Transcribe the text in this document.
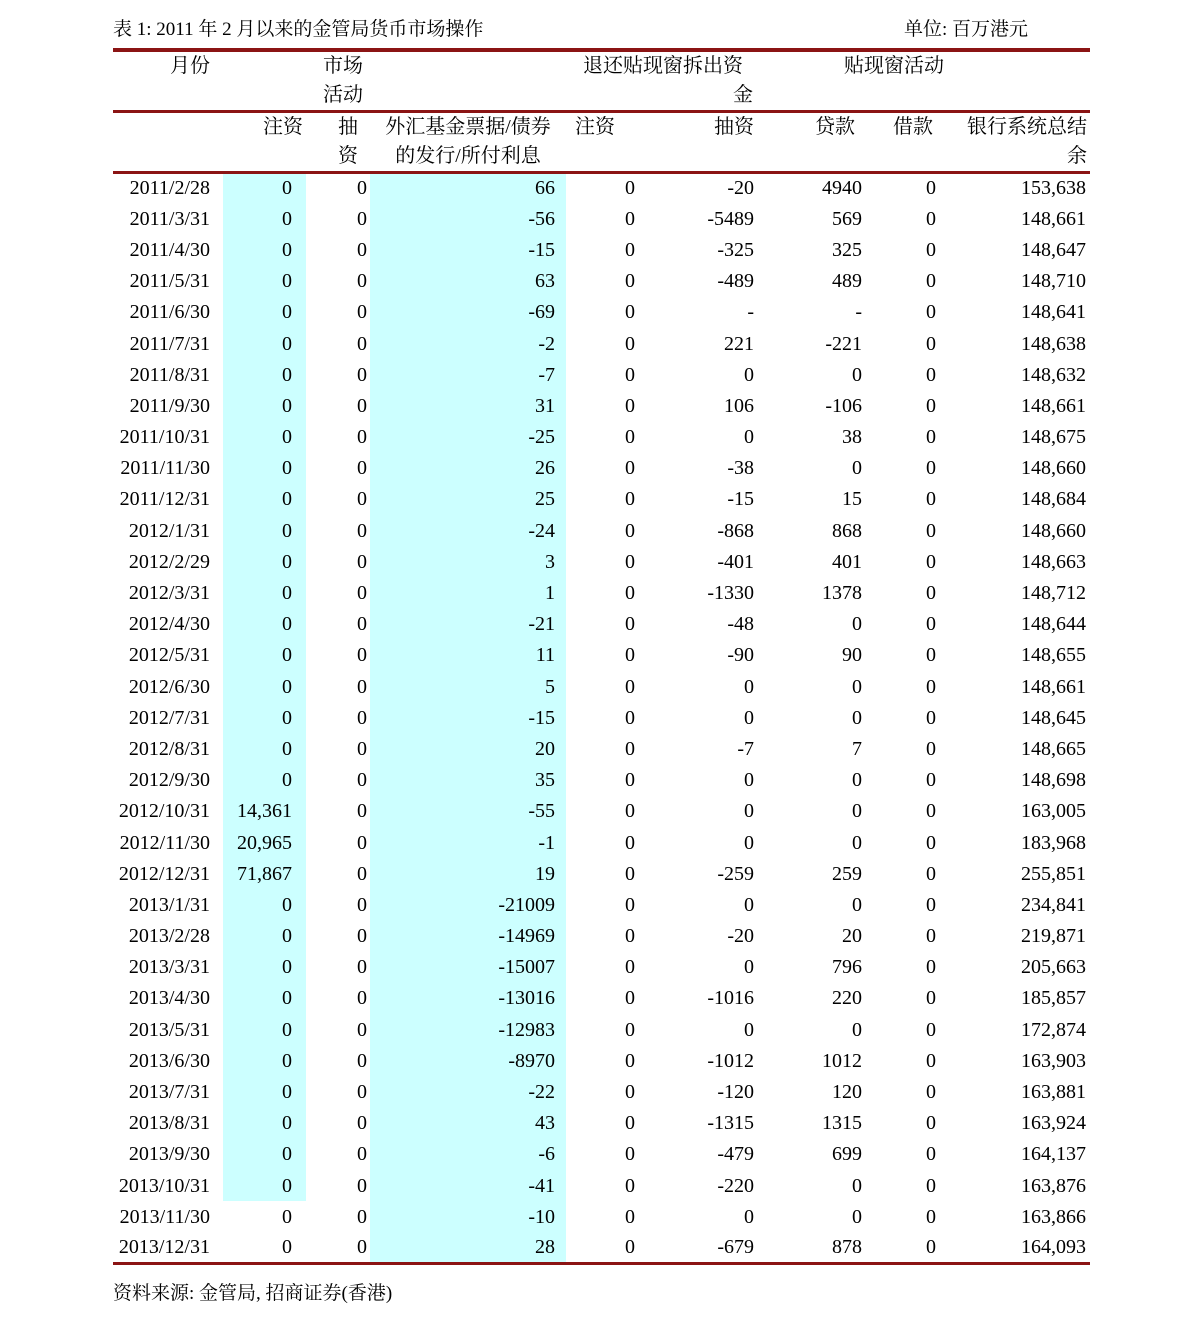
表 1: 2011 年 2 月以来的金管局货币市场操作	单位: 百万港元
月份	市场			退还贴现窗拆出资		贴现窗活动		
	活动			金				
	注资	抽	外汇基金票据/债券	注资	抽资	贷款	借款	银行系统总结
		资	的发行/所付利息					余
2011/2/28	0	0	66	0	-20	4940	0	153,638
2011/3/31	0	0	-56	0	-5489	569	0	148,661
2011/4/30	0	0	-15	0	-325	325	0	148,647
2011/5/31	0	0	63	0	-489	489	0	148,710
2011/6/30	0	0	-69	0	-	-	0	148,641
2011/7/31	0	0	-2	0	221	-221	0	148,638
2011/8/31	0	0	-7	0	0	0	0	148,632
2011/9/30	0	0	31	0	106	-106	0	148,661
2011/10/31	0	0	-25	0	0	38	0	148,675
2011/11/30	0	0	26	0	-38	0	0	148,660
2011/12/31	0	0	25	0	-15	15	0	148,684
2012/1/31	0	0	-24	0	-868	868	0	148,660
2012/2/29	0	0	3	0	-401	401	0	148,663
2012/3/31	0	0	1	0	-1330	1378	0	148,712
2012/4/30	0	0	-21	0	-48	0	0	148,644
2012/5/31	0	0	11	0	-90	90	0	148,655
2012/6/30	0	0	5	0	0	0	0	148,661
2012/7/31	0	0	-15	0	0	0	0	148,645
2012/8/31	0	0	20	0	-7	7	0	148,665
2012/9/30	0	0	35	0	0	0	0	148,698
2012/10/31	14,361	0	-55	0	0	0	0	163,005
2012/11/30	20,965	0	-1	0	0	0	0	183,968
2012/12/31	71,867	0	19	0	-259	259	0	255,851
2013/1/31	0	0	-21009	0	0	0	0	234,841
2013/2/28	0	0	-14969	0	-20	20	0	219,871
2013/3/31	0	0	-15007	0	0	796	0	205,663
2013/4/30	0	0	-13016	0	-1016	220	0	185,857
2013/5/31	0	0	-12983	0	0	0	0	172,874
2013/6/30	0	0	-8970	0	-1012	1012	0	163,903
2013/7/31	0	0	-22	0	-120	120	0	163,881
2013/8/31	0	0	43	0	-1315	1315	0	163,924
2013/9/30	0	0	-6	0	-479	699	0	164,137
2013/10/31	0	0	-41	0	-220	0	0	163,876
2013/11/30	0	0	-10	0	0	0	0	163,866
2013/12/31	0	0	28	0	-679	878	0	164,093
资料来源: 金管局, 招商证券(香港)
